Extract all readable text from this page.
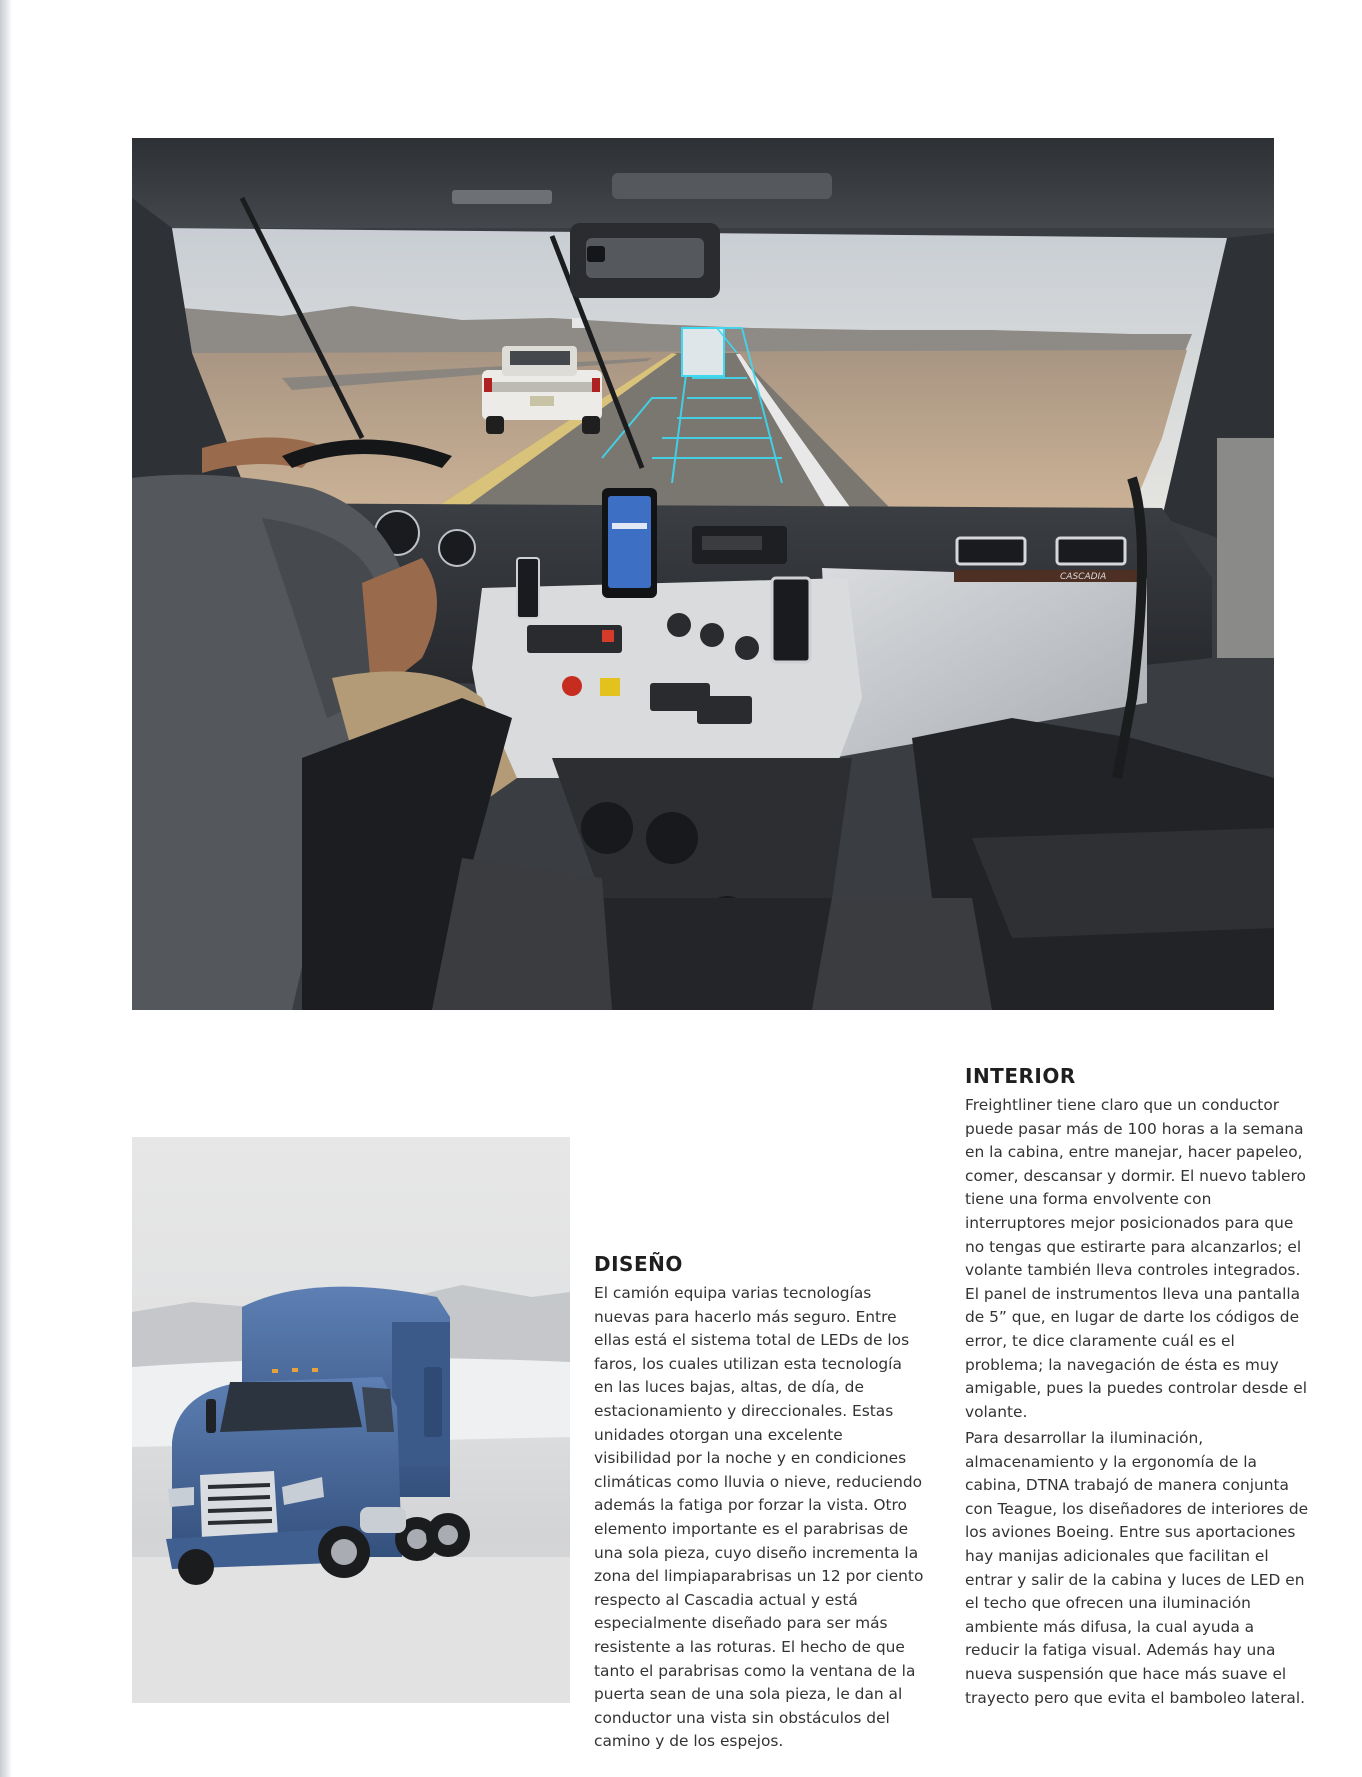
CASCADIA
DISEÑO

El camión equipa varias tecnologías nuevas para hacerlo más seguro. Entre ellas está el sistema total de LEDs de los faros, los cuales utilizan esta tecnología en las luces bajas, altas, de día, de estacionamiento y direccionales. Estas unidades otorgan una excelente visibilidad por la noche y en condiciones climáticas como lluvia o nieve, reduciendo además la fatiga por forzar la vista. Otro elemento importante es el parabrisas de una sola pieza, cuyo diseño incrementa la zona del limpiaparabrisas un 12 por ciento respecto al Cascadia actual y está especialmente diseñado para ser más resistente a las roturas. El hecho de que tanto el parabrisas como la ventana de la puerta sean de una sola pieza, le dan al conductor una vista sin obstáculos del camino y de los espejos.

INTERIOR

Freightliner tiene claro que un conductor puede pasar más de 100 horas a la semana en la cabina, entre manejar, hacer papeleo, comer, descansar y dormir. El nuevo tablero tiene una forma envolvente con interruptores mejor posicionados para que no tengas que estirarte para alcanzarlos; el volante también lleva controles integrados. El panel de instrumentos lleva una pantalla de 5” que, en lugar de darte los códigos de error, te dice claramente cuál es el problema; la navegación de ésta es muy amigable, pues la puedes controlar desde el volante.

Para desarrollar la iluminación, almacenamiento y la ergonomía de la cabina, DTNA trabajó de manera conjunta con Teague, los diseñadores de interiores de los aviones Boeing. Entre sus aportaciones hay manijas adicionales que facilitan el entrar y salir de la cabina y luces de LED en el techo que ofrecen una iluminación ambiente más difusa, la cual ayuda a reducir la fatiga visual. Además hay una nueva suspensión que hace más suave el trayecto pero que evita el bamboleo lateral.
